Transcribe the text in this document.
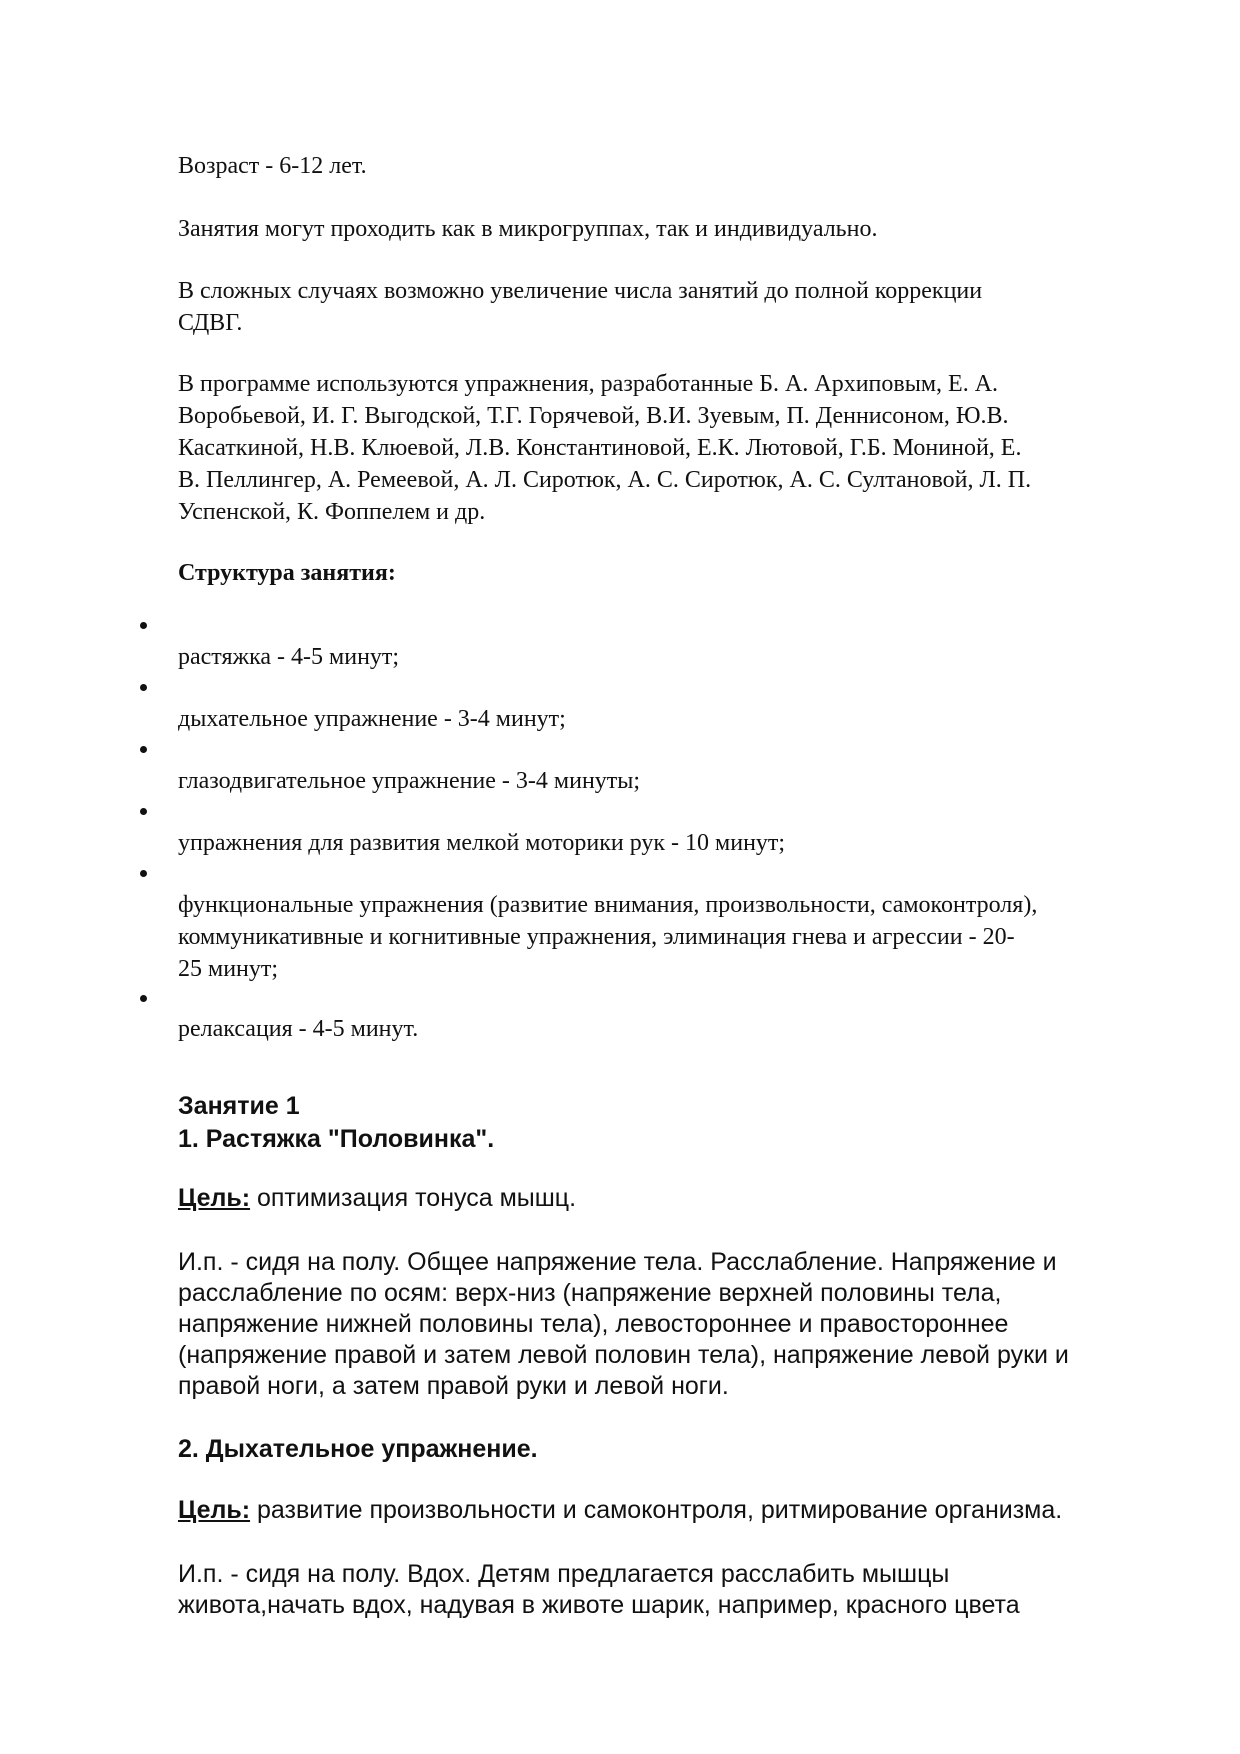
Возраст - 6-12 лет.
Занятия могут проходить как в микрогруппах, так и индивидуально.

В сложных случаях возможно увеличение числа занятий до полной коррекции

СДВГ.

В программе используются упражнения, разработанные Б. А. Архиповым, Е. А.

Воробьевой, И. Г. Выгодской, Т.Г. Горячевой, В.И. Зуевым, П. Деннисоном, Ю.В.

Касаткиной, Н.В. Клюевой, Л.В. Константиновой, Е.К. Лютовой, Г.Б. Мониной, Е.

В. Пеллингер, А. Ремеевой, А. Л. Сиротюк, А. С. Сиротюк, А. С. Султановой, Л. П.

Успенской, К. Фоппелем и др.

Структура занятия:
растяжка - 4-5 минут;
дыхательное упражнение - 3-4 минут;
глазодвигательное упражнение - 3-4 минуты;
упражнения для развития мелкой моторики рук - 10 минут;

функциональные упражнения (развитие внимания, произвольности, самоконтроля),

коммуникативные и когнитивные упражнения, элиминация гнева и агрессии - 20-

25 минут;

релаксация - 4-5 минут.
Занятие 1
1. Растяжка "Половинка".
Цель: оптимизация тонуса мышц.
И.п. - сидя на полу. Общее напряжение тела. Расслабление. Напряжение и
расслабление по осям: верх-низ (напряжение верхней половины тела,
напряжение нижней половины тела), левостороннее и правостороннее
(напряжение правой и затем левой половин тела), напряжение левой руки и
правой ноги, а затем правой руки и левой ноги.
2. Дыхательное упражнение.
Цель: развитие произвольности и самоконтроля, ритмирование организма.
И.п. - сидя на полу. Вдох. Детям предлагается расслабить мышцы
живота,начать вдох, надувая в животе шарик, например, красного цвета
